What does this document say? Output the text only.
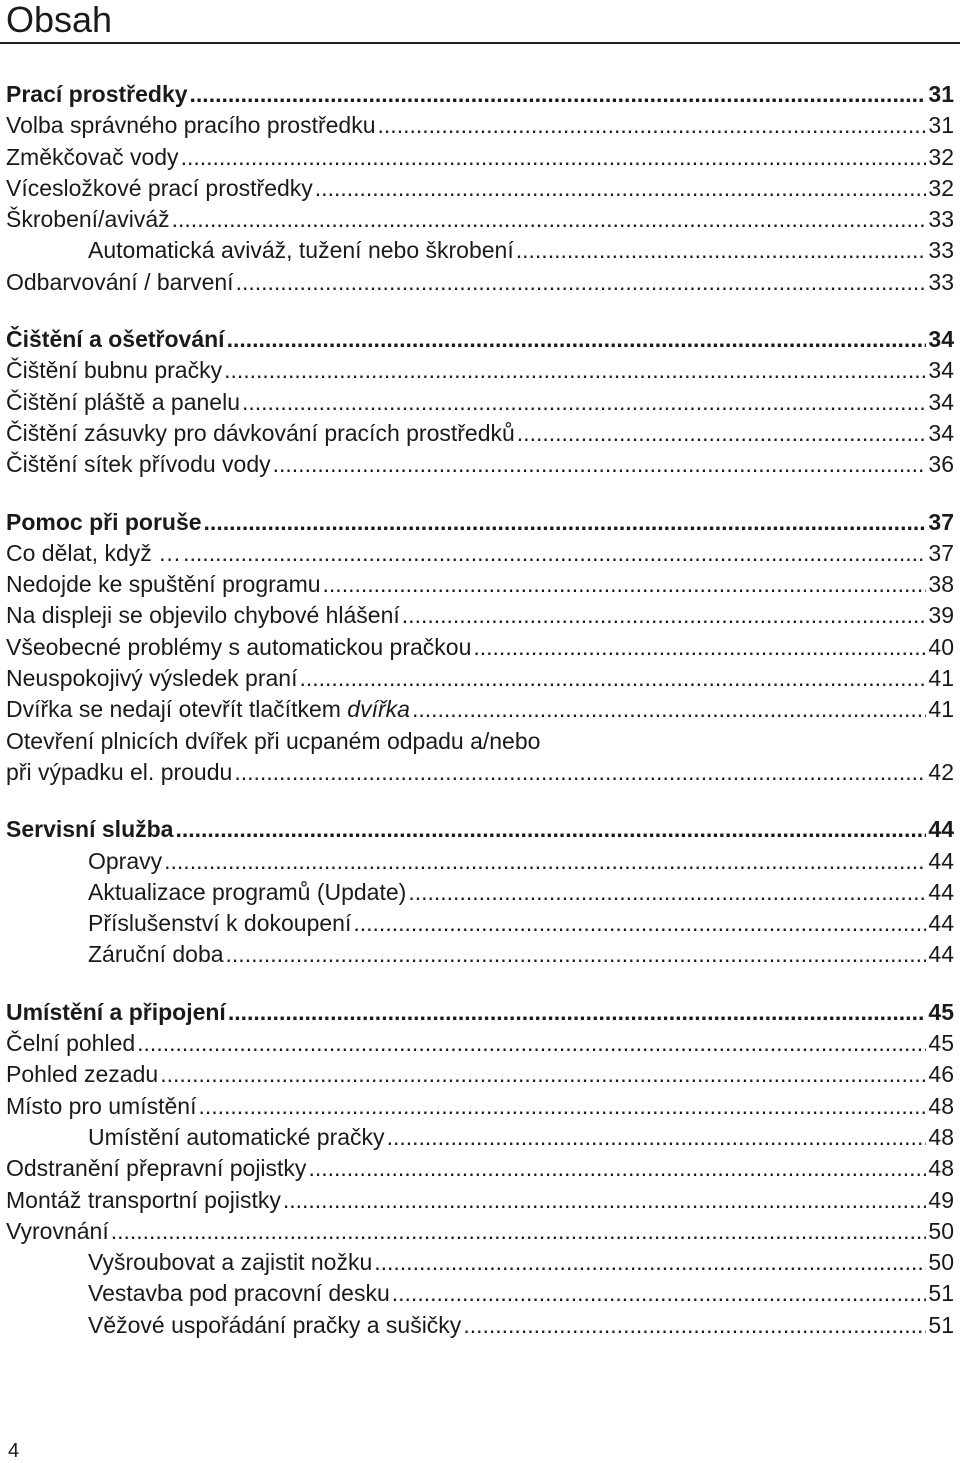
Obsah
Prací prostředky .....	31
Volba správného pracího prostředku .....	31
Změkčovač vody .....	32
Vícesložkové prací prostředky .....	32
Škrobení/aviváž .....	33
Automatická aviváž, tužení nebo škrobení .....	33
Odbarvování / barvení .....	33
Čištění a ošetřování .....	34
Čištění bubnu pračky .....	34
Čištění pláště a panelu .....	34
Čištění zásuvky pro dávkování pracích prostředků .....	34
Čištění sítek přívodu vody .....	36
Pomoc při poruše .....	37
Co dělat, když … .....	37
Nedojde ke spuštění programu .....	38
Na displeji se objevilo chybové hlášení .....	39
Všeobecné problémy s automatickou pračkou .....	40
Neuspokojivý výsledek praní .....	41
Dvířka se nedají otevřít tlačítkem dvířka .....	41
Otevření plnicích dvířek při ucpaném odpadu a/nebo
při výpadku el. proudu .....	42
Servisní služba .....	44
Opravy .....	44
Aktualizace programů (Update) .....	44
Příslušenství k dokoupení .....	44
Záruční doba .....	44
Umístění a připojení .....	45
Čelní pohled .....	45
Pohled zezadu .....	46
Místo pro umístění .....	48
Umístění automatické pračky .....	48
Odstranění přepravní pojistky .....	48
Montáž transportní pojistky .....	49
Vyrovnání .....	50
Vyšroubovat a zajistit nožku .....	50
Vestavba pod pracovní desku .....	51
Věžové uspořádání pračky a sušičky .....	51
4
